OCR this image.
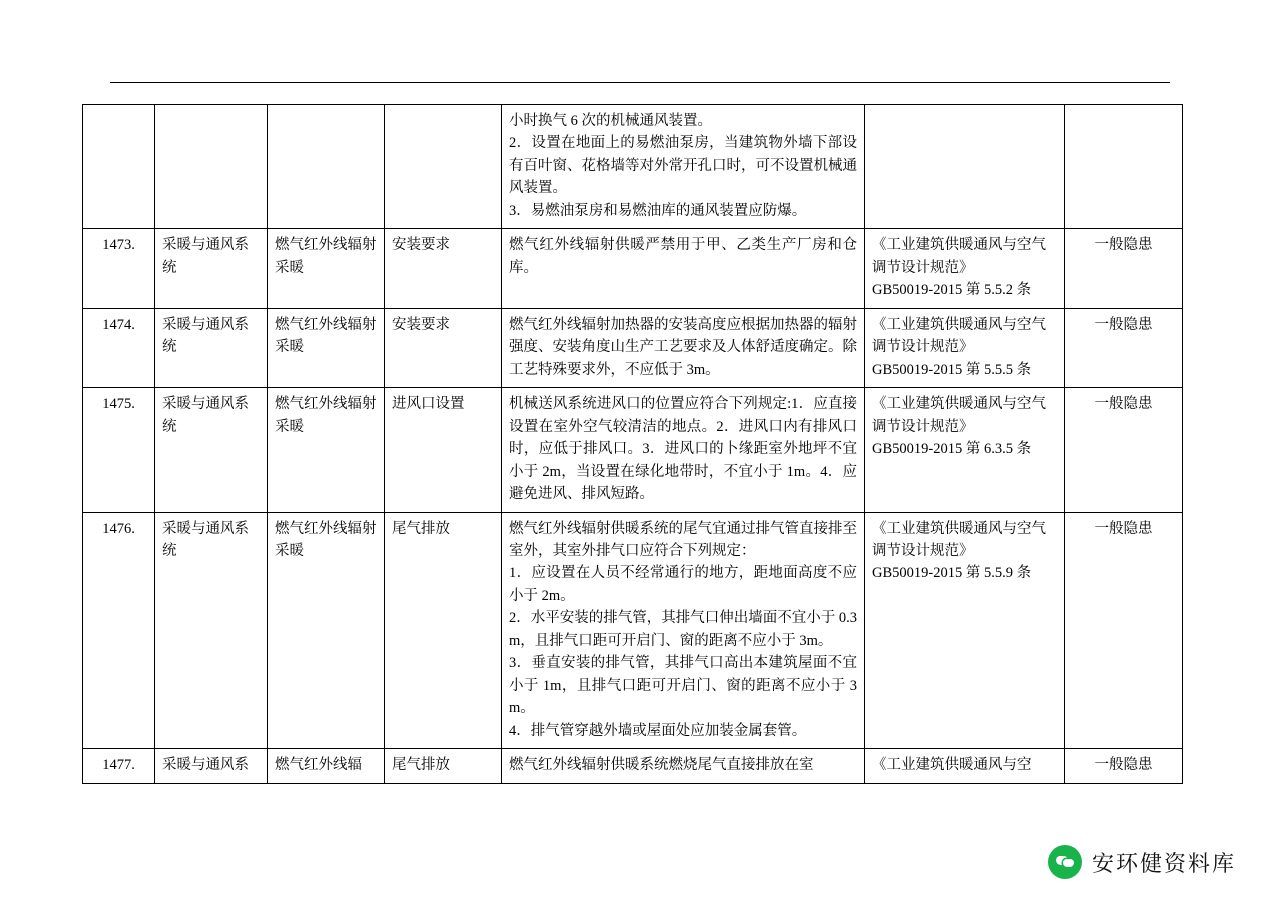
				小时换气 6 次的机械通风装置。
2．设置在地面上的易燃油泵房，当建筑物外墙下部设有百叶窗、花格墙等对外常开孔口时，可不设置机械通风装置。
3．易燃油泵房和易燃油库的通风装置应防爆。		

1473.	采暖与通风系统	燃气红外线辐射采暖	安装要求	燃气红外线辐射供暖严禁用于甲、乙类生产厂房和仓库。	《工业建筑供暖通风与空气调节设计规范》
GB50019-2015 第 5.5.2 条	一般隐患
1474.	采暖与通风系统	燃气红外线辐射采暖	安装要求	燃气红外线辐射加热器的安装高度应根据加热器的辐射强度、安装角度山生产工艺要求及人体舒适度确定。除工艺特殊要求外，不应低于 3m。	《工业建筑供暖通风与空气调节设计规范》
GB50019-2015 第 5.5.5 条	一般隐患
1475.	采暖与通风系统	燃气红外线辐射采暖	进风口设置	机械送风系统进风口的位置应符合下列规定:1．应直接设置在室外空气较清洁的地点。2．进风口内有排风口时，应低于排风口。3．进风口的卜缘距室外地坪不宜小于 2m，当设置在绿化地带时，不宜小于 1m。4．应避免进风、排风短路。	《工业建筑供暖通风与空气调节设计规范》
GB50019-2015 第 6.3.5 条	一般隐患
1476.	采暖与通风系统	燃气红外线辐射采暖	尾气排放	燃气红外线辐射供暖系统的尾气宜通过排气管直接排至室外，其室外排气口应符合下列规定：
1．应设置在人员不经常通行的地方，距地面高度不应小于 2m。
2．水平安装的排气管，其排气口伸出墙面不宜小于 0.3m，且排气口距可开启门、窗的距离不应小于 3m。
3．垂直安装的排气管，其排气口高出本建筑屋面不宜小于 1m，且排气口距可开启门、窗的距离不应小于 3m。
4．排气管穿越外墙或屋面处应加装金属套管。	《工业建筑供暖通风与空气调节设计规范》
GB50019-2015 第 5.5.9 条	一般隐患
1477.	采暖与通风系	燃气红外线辐	尾气排放	燃气红外线辐射供暖系统燃烧尾气直接排放在室	《工业建筑供暖通风与空	一般隐患
安环健资料库
